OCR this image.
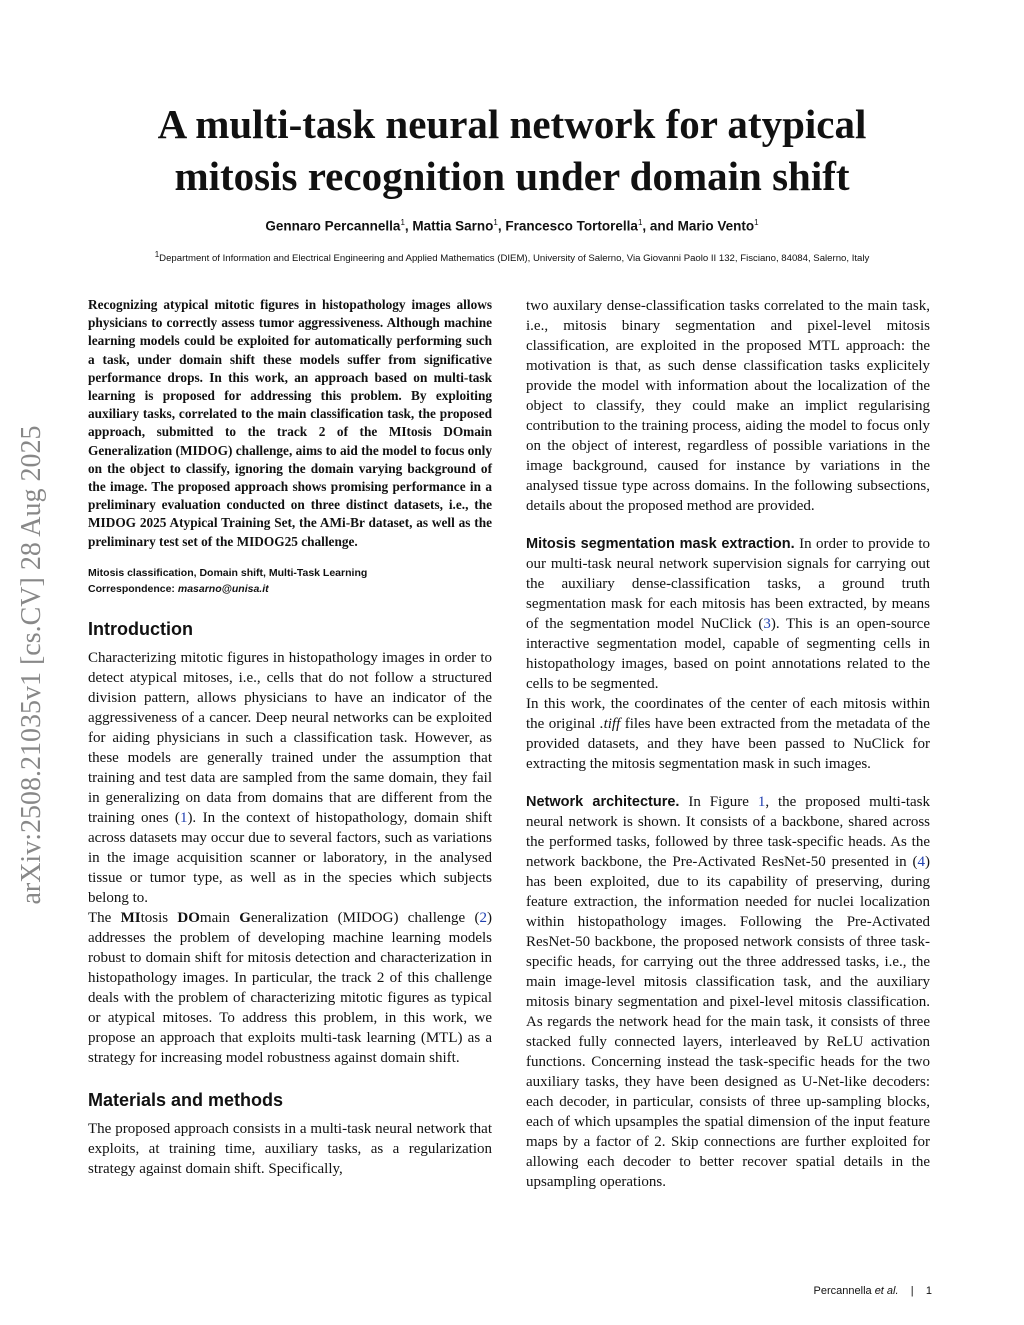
A multi-task neural network for atypical
mitosis recognition under domain shift
Gennaro Percannella$^1$, Mattia Sarno$^1$, Francesco Tortorella$^1$, and Mario Vento$^1$
$^1$Department of Information and Electrical Engineering and Applied Mathematics (DIEM), University of Salerno, Via Giovanni Paolo II 132, Fisciano, 84084, Salerno, Italy
arXiv:2508.21035v1 [cs.CV] 28 Aug 2025

Recognizing atypical mitotic figures in histopathology images allows physicians to correctly assess tumor aggressiveness. Although machine learning models could be exploited for automatically performing such a task, under domain shift these models suffer from significative performance drops. In this work, an approach based on multi-task learning is proposed for addressing this problem. By exploiting auxiliary tasks, correlated to the main classification task, the proposed approach, submitted to the track 2 of the MItosis DOmain Generalization (MIDOG) challenge, aims to aid the model to focus only on the object to classify, ignoring the domain varying background of the image. The proposed approach shows promising performance in a preliminary evaluation conducted on three distinct datasets, i.e., the MIDOG 2025 Atypical Training Set, the AMi-Br dataset, as well as the preliminary test set of the MIDOG25 challenge.

Mitosis classification, Domain shift, Multi-Task Learning
Correspondence: masarno@unisa.it
Introduction

Characterizing mitotic figures in histopathology images in order to detect atypical mitoses, i.e., cells that do not follow a structured division pattern, allows physicians to have an indicator of the aggressiveness of a cancer. Deep neural networks can be exploited for aiding physicians in such a classification task. However, as these models are generally trained under the assumption that training and test data are sampled from the same domain, they fail in generalizing on data from domains that are different from the training ones (1). In the context of histopathology, domain shift across datasets may occur due to several factors, such as variations in the image acquisition scanner or laboratory, in the analysed tissue or tumor type, as well as in the species which subjects belong to.

The MItosis DOmain Generalization (MIDOG) challenge (2) addresses the problem of developing machine learning models robust to domain shift for mitosis detection and characterization in histopathology images. In particular, the track 2 of this challenge deals with the problem of characterizing mitotic figures as typical or atypical mitoses. To address this problem, in this work, we propose an approach that exploits multi-task learning (MTL) as a strategy for increasing model robustness against domain shift.

Materials and methods

The proposed approach consists in a multi-task neural network that exploits, at training time, auxiliary tasks, as a regularization strategy against domain shift. Specifically,

two auxilary dense-classification tasks correlated to the main task, i.e., mitosis binary segmentation and pixel-level mitosis classification, are exploited in the proposed MTL approach: the motivation is that, as such dense classification tasks explicitely provide the model with information about the localization of the object to classify, they could make an implict regularising contribution to the training process, aiding the model to focus only on the object of interest, regardless of possible variations in the image background, caused for instance by variations in the analysed tissue type across domains. In the following subsections, details about the proposed method are provided.

Mitosis segmentation mask extraction. In order to provide to our multi-task neural network supervision signals for carrying out the auxiliary dense-classification tasks, a ground truth segmentation mask for each mitosis has been extracted, by means of the segmentation model NuClick (3). This is an open-source interactive segmentation model, capable of segmenting cells in histopathology images, based on point annotations related to the cells to be segmented.

In this work, the coordinates of the center of each mitosis within the original .tiff files have been extracted from the metadata of the provided datasets, and they have been passed to NuClick for extracting the mitosis segmentation mask in such images.

Network architecture. In Figure 1, the proposed multi-task neural network is shown. It consists of a backbone, shared across the performed tasks, followed by three task-specific heads. As the network backbone, the Pre-Activated ResNet-50 presented in (4) has been exploited, due to its capability of preserving, during feature extraction, the information needed for nuclei localization within histopathology images. Following the Pre-Activated ResNet-50 backbone, the proposed network consists of three task-specific heads, for carrying out the three addressed tasks, i.e., the main image-level mitosis classification task, and the auxiliary mitosis binary segmentation and pixel-level mitosis classification. As regards the network head for the main task, it consists of three stacked fully connected layers, interleaved by ReLU activation functions. Concerning instead the task-specific heads for the two auxiliary tasks, they have been designed as U-Net-like decoders: each decoder, in particular, consists of three up-sampling blocks, each of which upsamples the spatial dimension of the input feature maps by a factor of 2. Skip connections are further exploited for allowing each decoder to better recover spatial details in the upsampling operations.

Percannella et al. | 1
